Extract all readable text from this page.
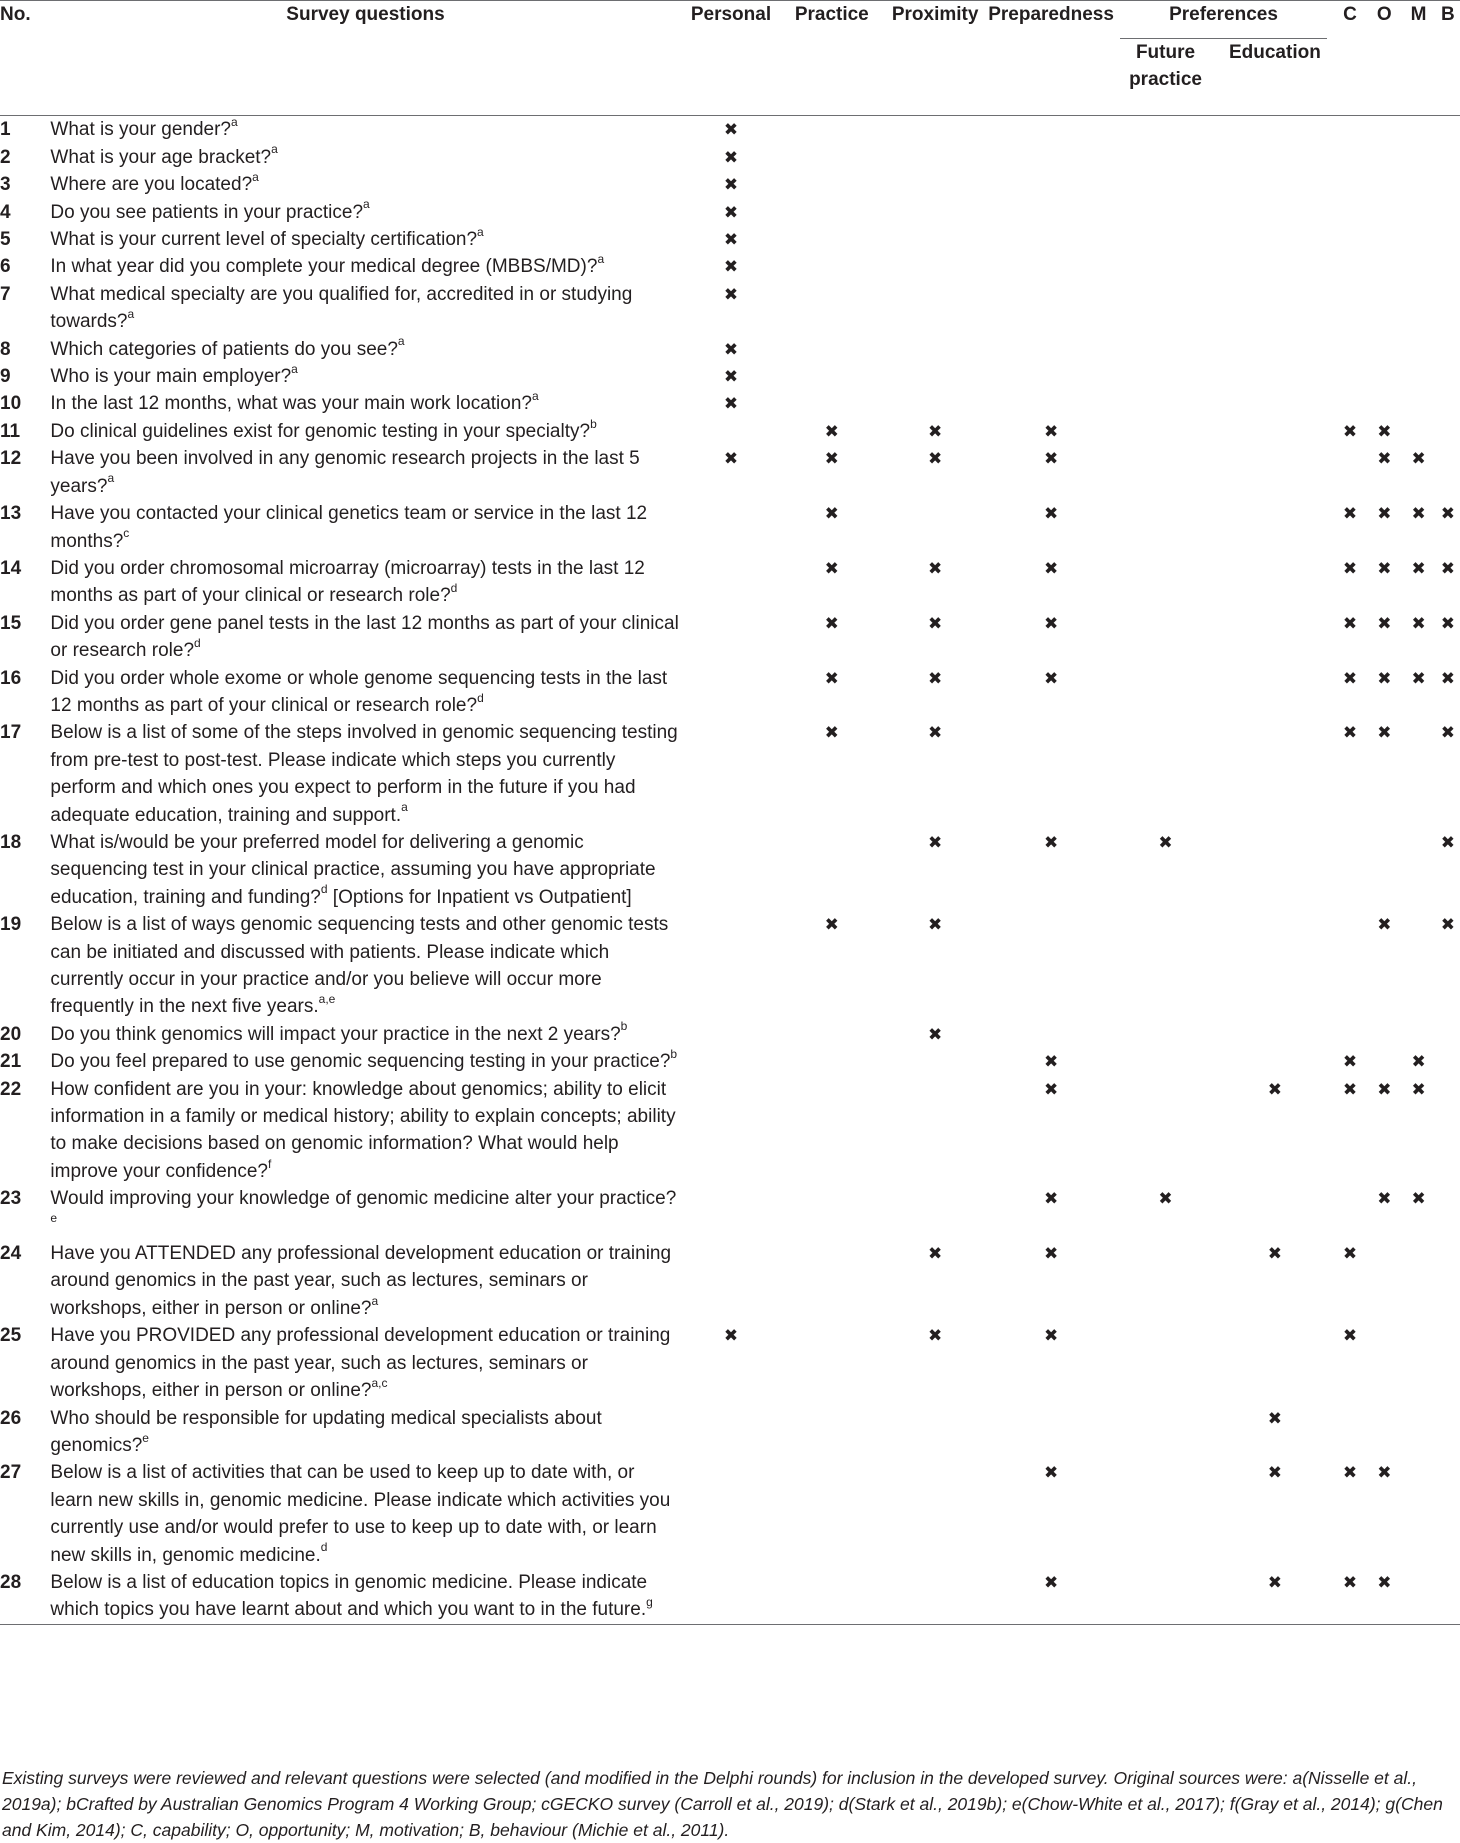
No.	Survey questions	Personal	Practice	Proximity	Preparedness	Preferences		C	O	M	B
						Future practice	Education				
1	What is your gender?$^a$	✖									
2	What is your age bracket?$^a$	✖									
3	Where are you located?$^a$	✖									
4	Do you see patients in your practice?$^a$	✖									
5	What is your current level of specialty certification?$^a$	✖									
6	In what year did you complete your medical degree (MBBS/MD)?$^a$	✖									
7	What medical specialty are you qualified for, accredited in or studying towards?$^a$	✖									
8	Which categories of patients do you see?$^a$	✖									
9	Who is your main employer?$^a$	✖									
10	In the last 12 months, what was your main work location?$^a$	✖									
11	Do clinical guidelines exist for genomic testing in your specialty?$^b$		✖	✖	✖			✖	✖		
12	Have you been involved in any genomic research projects in the last 5 years?$^a$	✖	✖	✖	✖				✖	✖	
13	Have you contacted your clinical genetics team or service in the last 12 months?$^c$		✖		✖			✖	✖	✖	✖
14	Did you order chromosomal microarray (microarray) tests in the last 12 months as part of your clinical or research role?$^d$		✖	✖	✖			✖	✖	✖	✖
15	Did you order gene panel tests in the last 12 months as part of your clinical or research role?$^d$		✖	✖	✖			✖	✖	✖	✖
16	Did you order whole exome or whole genome sequencing tests in the last 12 months as part of your clinical or research role?$^d$		✖	✖	✖			✖	✖	✖	✖
17	Below is a list of some of the steps involved in genomic sequencing testing from pre-test to post-test. Please indicate which steps you currently perform and which ones you expect to perform in the future if you had adequate education, training and support.$^a$		✖	✖				✖	✖		✖
18	What is/would be your preferred model for delivering a genomic sequencing test in your clinical practice, assuming you have appropriate education, training and funding?$^d$ [Options for Inpatient vs Outpatient]			✖	✖	✖					✖
19	Below is a list of ways genomic sequencing tests and other genomic tests can be initiated and discussed with patients. Please indicate which currently occur in your practice and/or you believe will occur more frequently in the next five years.$^{a,e}$		✖	✖					✖		✖
20	Do you think genomics will impact your practice in the next 2 years?$^b$			✖							
21	Do you feel prepared to use genomic sequencing testing in your practice?$^b$				✖			✖		✖	
22	How confident are you in your: knowledge about genomics; ability to elicit information in a family or medical history; ability to explain concepts; ability to make decisions based on genomic information? What would help improve your confidence?$^f$				✖		✖	✖	✖	✖	
23	Would improving your knowledge of genomic medicine alter your practice?$^e$				✖	✖			✖	✖	
24	Have you ATTENDED any professional development education or training around genomics in the past year, such as lectures, seminars or workshops, either in person or online?$^a$			✖	✖		✖	✖			
25	Have you PROVIDED any professional development education or training around genomics in the past year, such as lectures, seminars or workshops, either in person or online?$^{a,c}$	✖		✖	✖			✖			
26	Who should be responsible for updating medical specialists about genomics?$^e$						✖				
27	Below is a list of activities that can be used to keep up to date with, or learn new skills in, genomic medicine. Please indicate which activities you currently use and/or would prefer to use to keep up to date with, or learn new skills in, genomic medicine.$^d$				✖		✖	✖	✖		
28	Below is a list of education topics in genomic medicine. Please indicate which topics you have learnt about and which you want to in the future.$^g$				✖		✖	✖	✖		

Existing surveys were reviewed and relevant questions were selected (and modified in the Delphi rounds) for inclusion in the developed survey. Original sources were: a(Nisselle et al., 2019a); bCrafted by Australian Genomics Program 4 Working Group; cGECKO survey (Carroll et al., 2019); d(Stark et al., 2019b); e(Chow-White et al., 2017); f(Gray et al., 2014); g(Chen and Kim, 2014); C, capability; O, opportunity; M, motivation; B, behaviour (Michie et al., 2011).
